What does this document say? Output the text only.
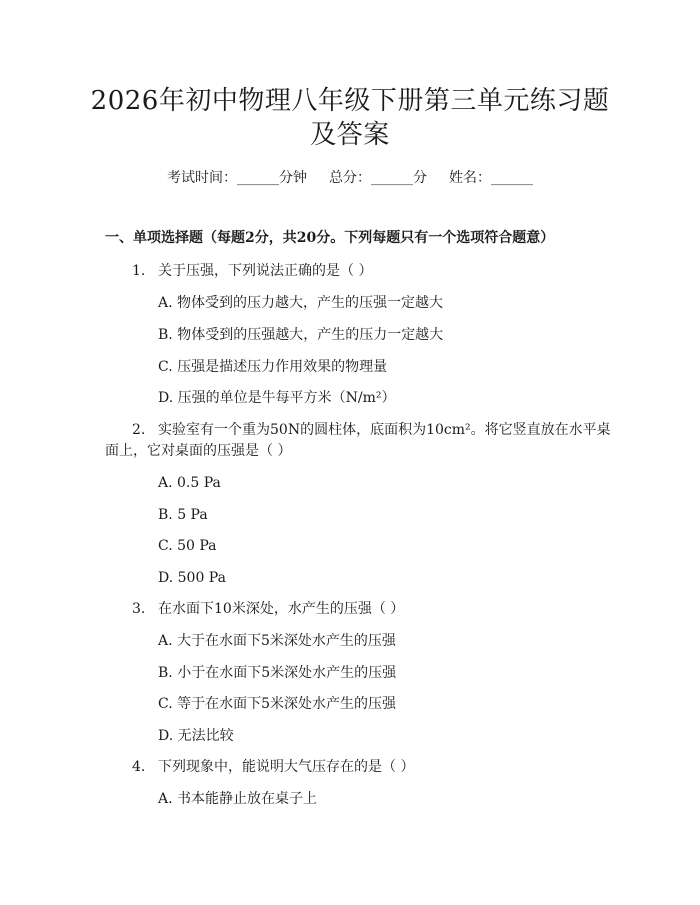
2026年初中物理八年级下册第三单元练习题
及答案
考试时间：______分钟 总分：______分 姓名：______
一、单项选择题（每题2分，共20分。下列每题只有一个选项符合题意）
1. 关于压强，下列说法正确的是（ ）
A. 物体受到的压力越大，产生的压强一定越大
B. 物体受到的压强越大，产生的压力一定越大
C. 压强是描述压力作用效果的物理量
D. 压强的单位是牛每平方米（N/m²）
2. 实验室有一个重为50N的圆柱体，底面积为10cm²。将它竖直放在水平桌
面上，它对桌面的压强是（ ）
A. 0.5 Pa
B. 5 Pa
C. 50 Pa
D. 500 Pa
3. 在水面下10米深处，水产生的压强（ ）
A. 大于在水面下5米深处水产生的压强
B. 小于在水面下5米深处水产生的压强
C. 等于在水面下5米深处水产生的压强
D. 无法比较
4. 下列现象中，能说明大气压存在的是（ ）
A. 书本能静止放在桌子上
